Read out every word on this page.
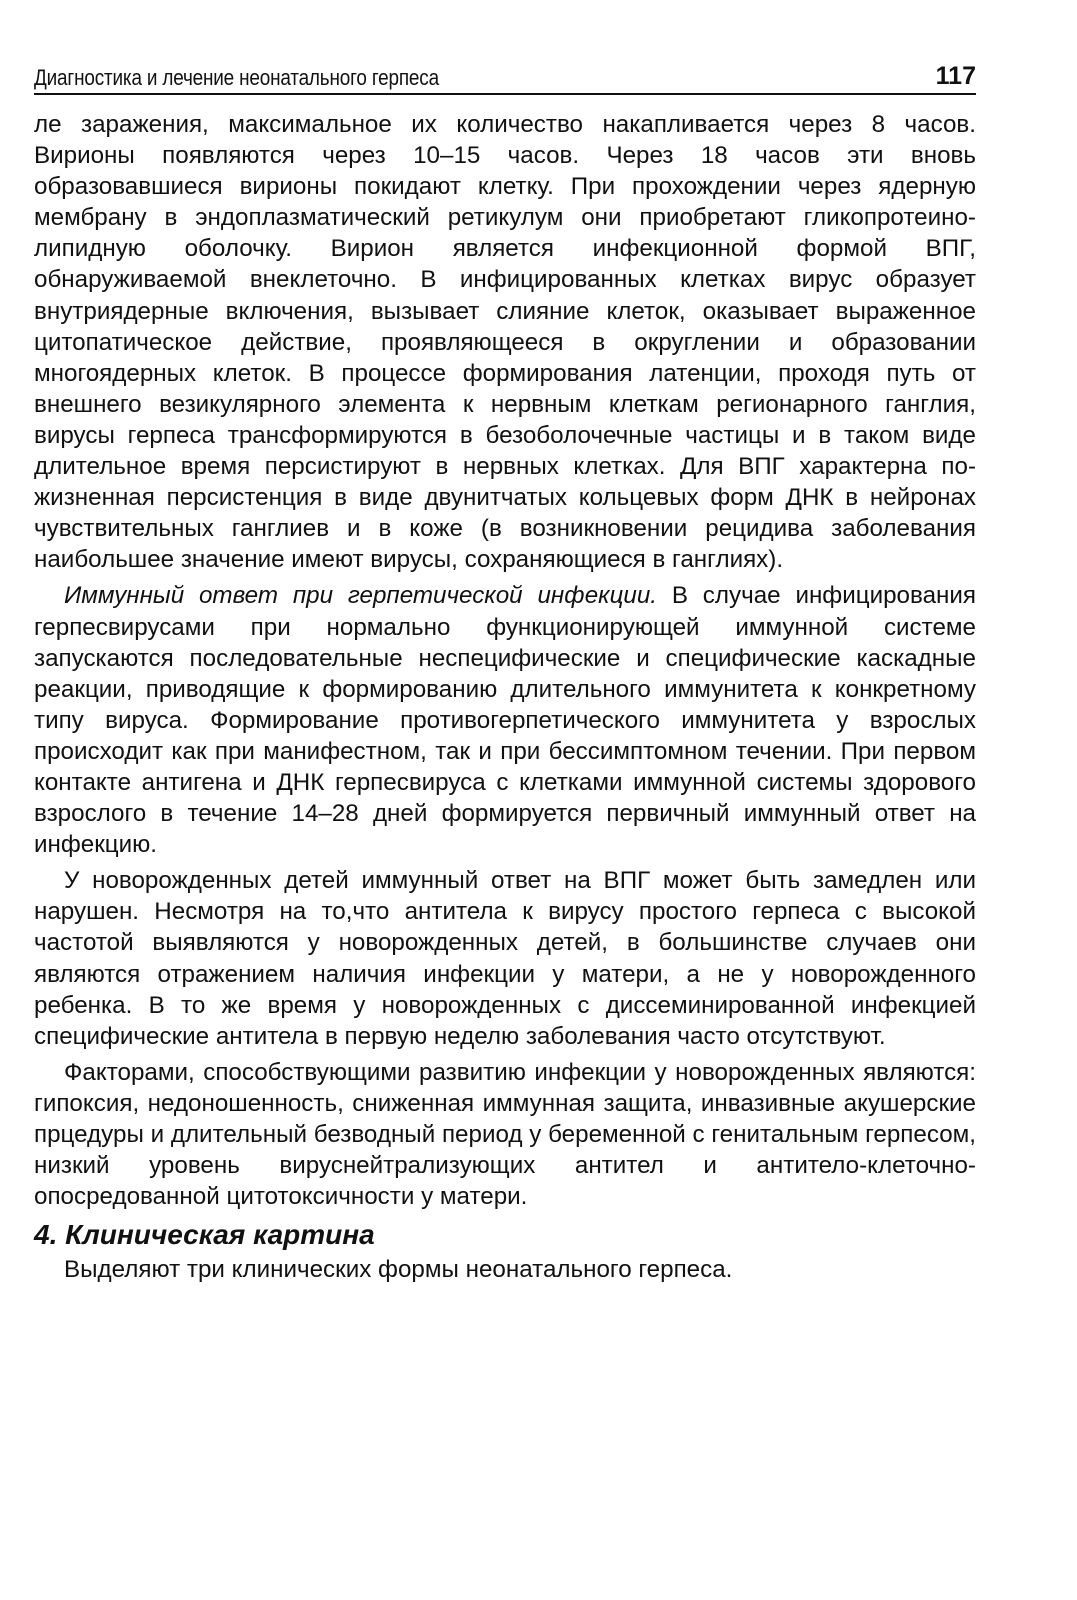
Диагностика и лечение неонатального герпеса	117

ле заражения, максимальное их количество накапливается через 8 часов. Вирионы появляются через 10–15 часов. Через 18 часов эти вновь образовавшиеся вирионы покидают клетку. При прохождении через ядерную мембрану в эндоплазматический ретикулум они приобретают гликопротеино-липидную оболочку. Вирион является инфекционной формой ВПГ, обнаруживаемой внеклеточно. В инфицированных клетках вирус образует внутриядерные включения, вызывает слияние клеток, оказывает выраженное цитопатическое действие, проявляющееся в округлении и образовании многоядерных клеток. В процессе формирования латенции, проходя путь от внешнего везикулярного элемента к нервным клеткам регионарного ганглия, вирусы герпеса трансформируются в безоболочечные частицы и в таком виде длительное время персистируют в нервных клетках. Для ВПГ характерна пожизненная персистенция в виде двунитчатых кольцевых форм ДНК в нейронах чувствительных ганглиев и в коже (в возникновении рецидива заболевания наибольшее значение имеют вирусы, сохраняющиеся в ганглиях).

Иммунный ответ при герпетической инфекции. В случае инфицирования герпесвирусами при нормально функционирующей иммунной системе запускаются последовательные неспецифические и специфические каскадные реакции, приводящие к формированию длительного иммунитета к конкретному типу вируса. Формирование противогерпетического иммунитета у взрослых происходит как при манифестном, так и при бессимптомном течении. При первом контакте антигена и ДНК герпесвируса с клетками иммунной системы здорового взрослого в течение 14–28 дней формируется первичный иммунный ответ на инфекцию.

У новорожденных детей иммунный ответ на ВПГ может быть замедлен или нарушен. Несмотря на то,что антитела к вирусу простого герпеса с высокой частотой выявляются у новорожденных детей, в большинстве случаев они являются отражением наличия инфекции у матери, а не у новорожденного ребенка. В то же время у новорожденных с диссеминированной инфекцией специфические антитела в первую неделю заболевания часто отсутствуют.

Факторами, способствующими развитию инфекции у новорожденных являются: гипоксия, недоношенность, сниженная иммунная защита, инвазивные акушерские прцедуры и длительный безводный период у беременной с генитальным герпесом, низкий уровень вируснейтрализующих антител и антитело-клеточно-опосредованной цитотоксичности у матери.

4. Клиническая картина

Выделяют три клинических формы неонатального герпеса.
